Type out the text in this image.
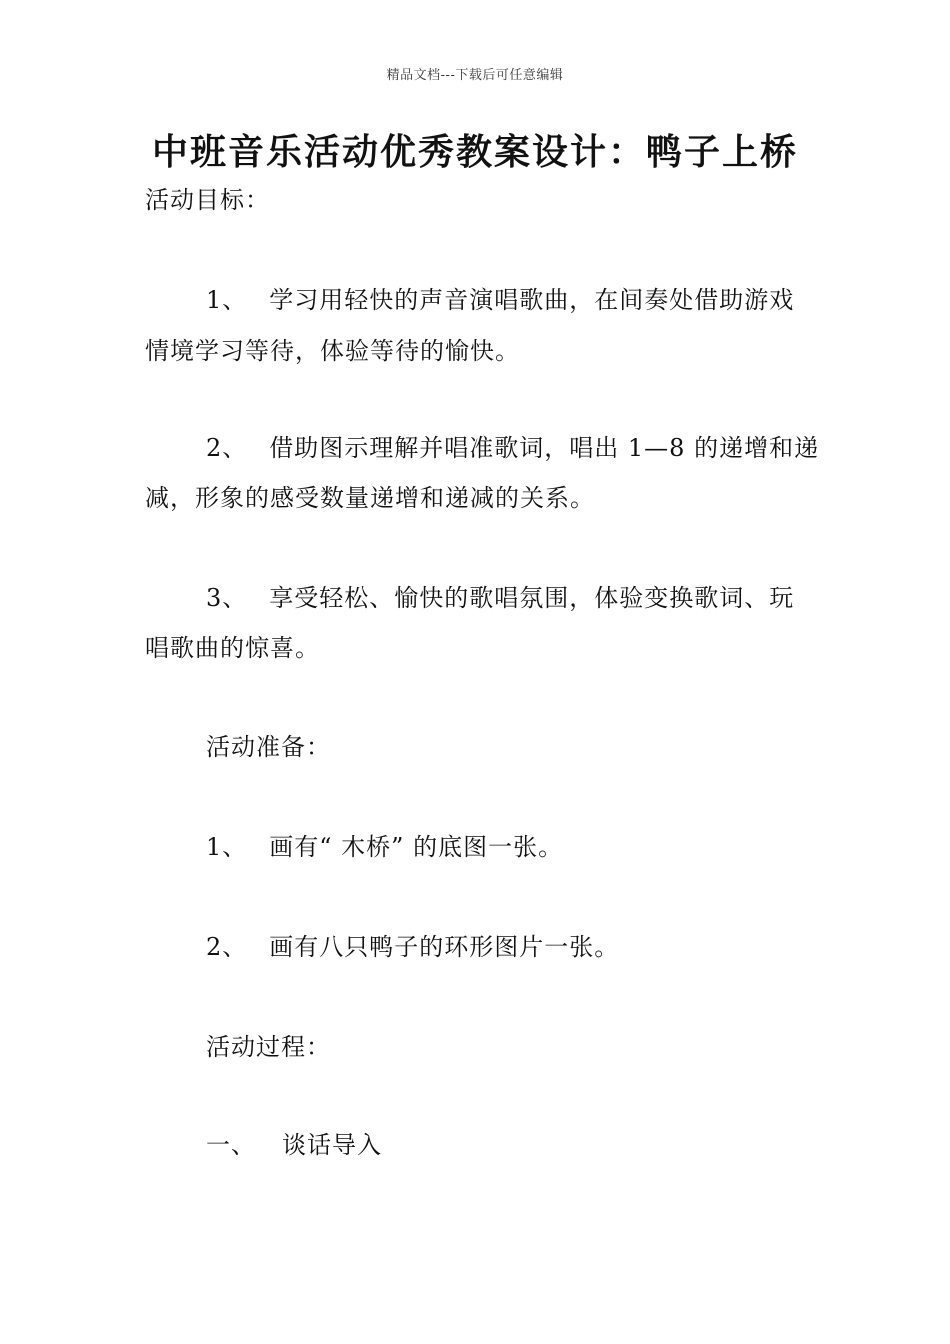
精品文档---下载后可任意编辑
中班音乐活动优秀教案设计：鸭子上桥
活动目标：
1、 学习用轻快的声音演唱歌曲，在间奏处借助游戏
情境学习等待，体验等待的愉快。
2、 借助图示理解并唱准歌词，唱出 1—8 的递增和递
减，形象的感受数量递增和递减的关系。
3、 享受轻松、愉快的歌唱氛围，体验变换歌词、玩
唱歌曲的惊喜。
活动准备：
1、 画有“ 木桥” 的底图一张。
2、 画有八只鸭子的环形图片一张。
活动过程：
一、 谈话导入
